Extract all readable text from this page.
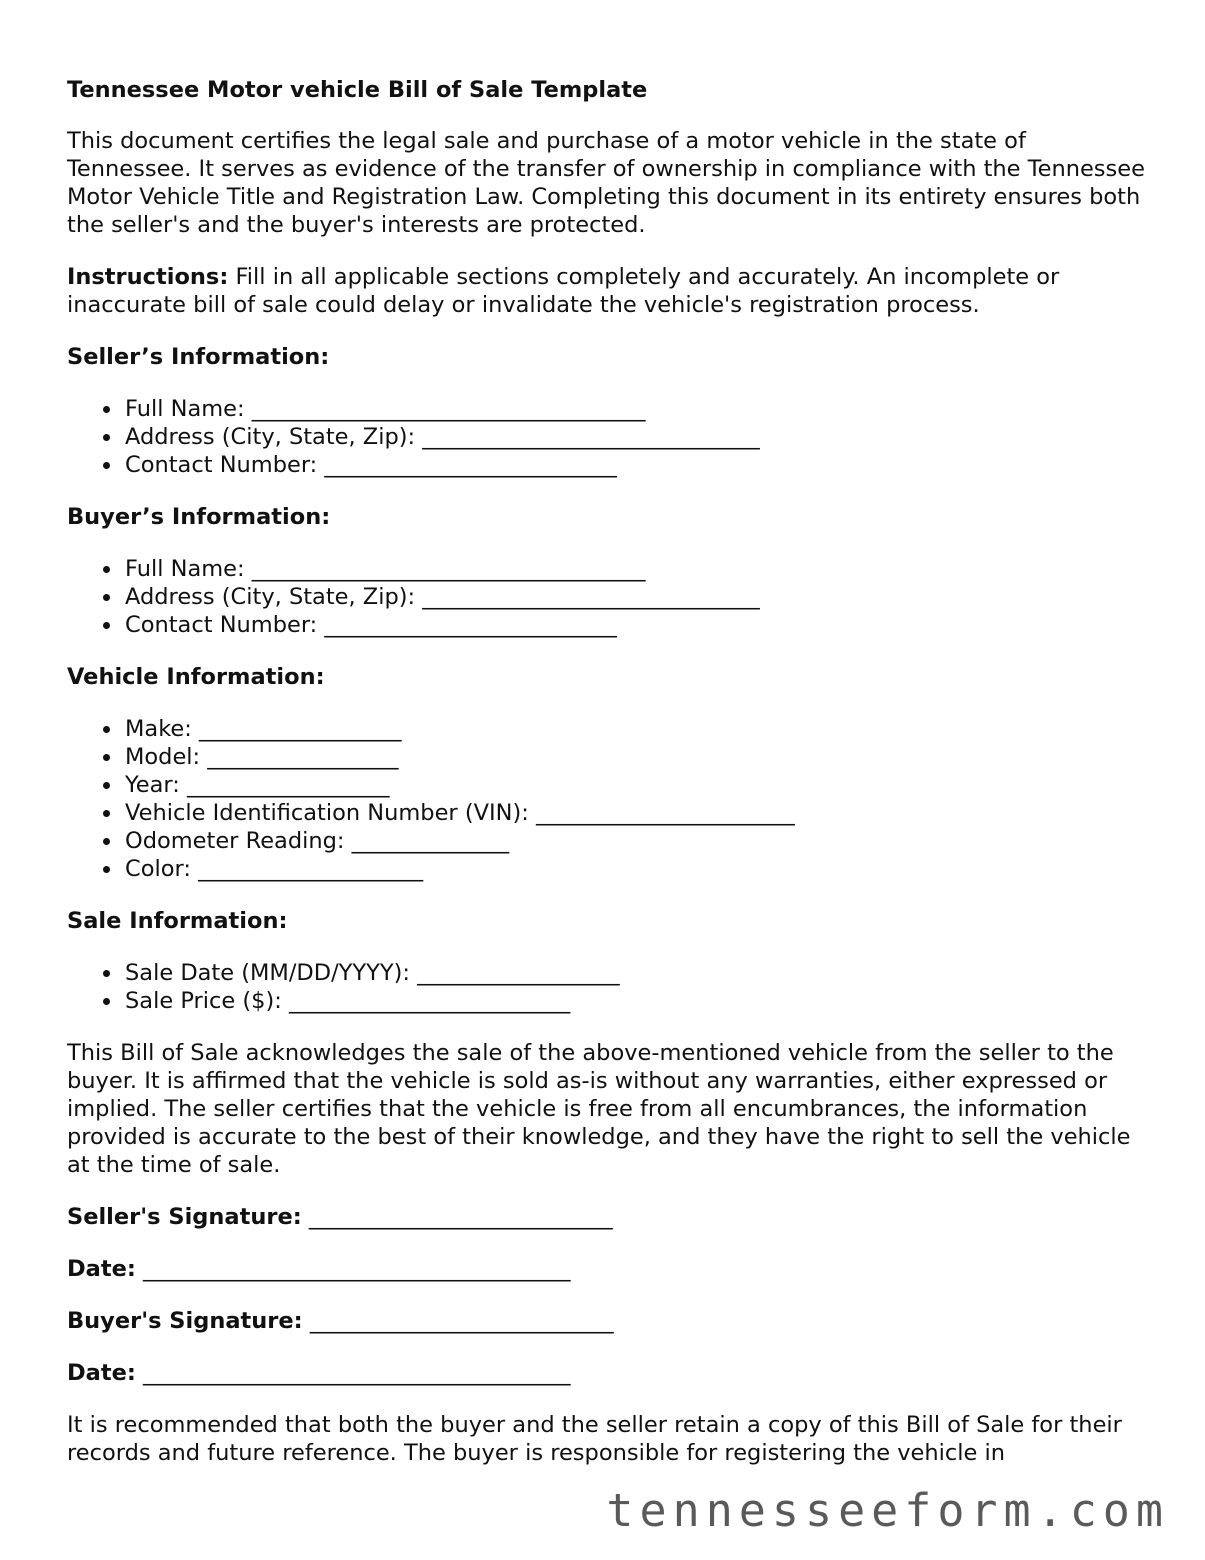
Tennessee Motor vehicle Bill of Sale Template
This document certifies the legal sale and purchase of a motor vehicle in the state of Tennessee. It serves as evidence of the transfer of ownership in compliance with the Tennessee Motor Vehicle Title and Registration Law. Completing this document in its entirety ensures both the seller's and the buyer's interests are protected.
Instructions: Fill in all applicable sections completely and accurately. An incomplete or inaccurate bill of sale could delay or invalidate the vehicle's registration process.
Seller’s Information:
Full Name: ___________________________________
Address (City, State, Zip): ______________________________
Contact Number: __________________________
Buyer’s Information:
Full Name: ___________________________________
Address (City, State, Zip): ______________________________
Contact Number: __________________________
Vehicle Information:
Make: __________________
Model: _________________
Year: __________________
Vehicle Identification Number (VIN): _______________________
Odometer Reading: ______________
Color: ____________________
Sale Information:
Sale Date (MM/DD/YYYY): __________________
Sale Price ($): _________________________
This Bill of Sale acknowledges the sale of the above-mentioned vehicle from the seller to the buyer. It is affirmed that the vehicle is sold as-is without any warranties, either expressed or implied. The seller certifies that the vehicle is free from all encumbrances, the information provided is accurate to the best of their knowledge, and they have the right to sell the vehicle at the time of sale.
Seller's Signature: ___________________________
Date: ______________________________________
Buyer's Signature: ___________________________
Date: ______________________________________
It is recommended that both the buyer and the seller retain a copy of this Bill of Sale for their records and future reference. The buyer is responsible for registering the vehicle in
tennesseeform.com
